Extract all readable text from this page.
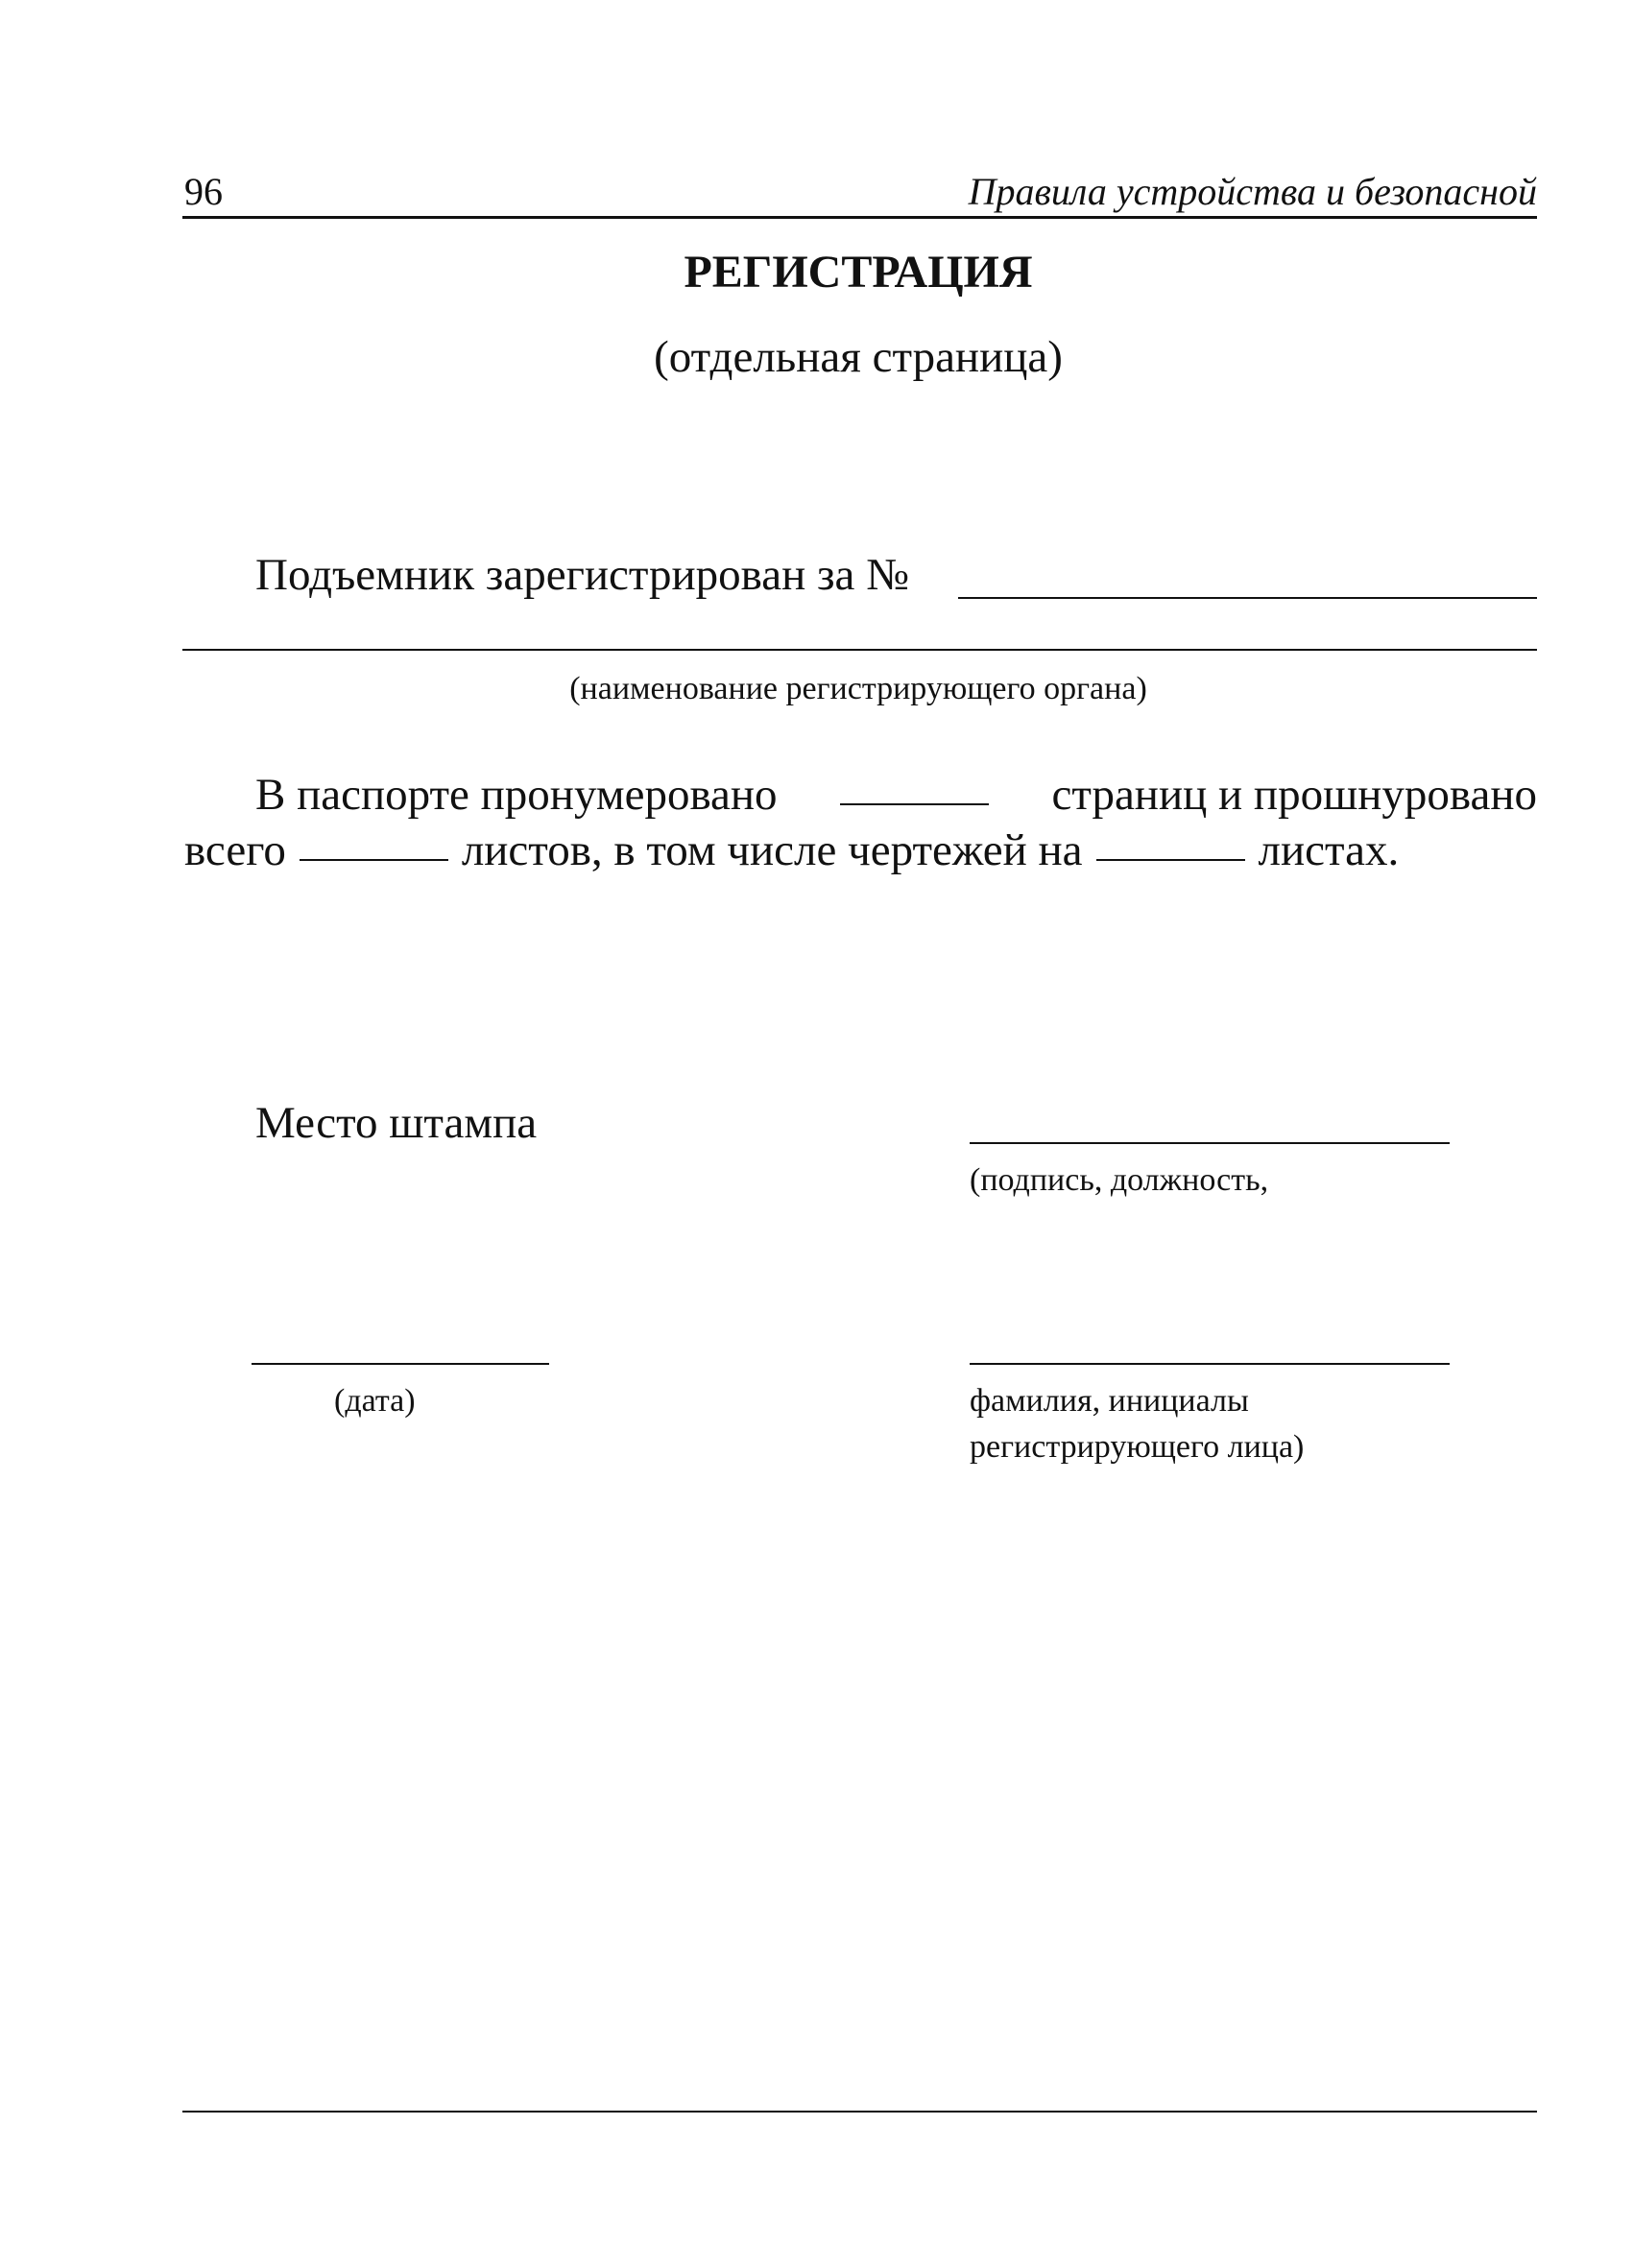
96	Правила устройства и безопасной
РЕГИСТРАЦИЯ
(отдельная страница)
Подъемник зарегистрирован за №
(наименование регистрирующего органа)
В паспорте пронумеровано	страниц и прошнуровано
всего	листов, в том числе чертежей на	листах.
Место штампа
(подпись, должность,
(дата)	фамилия, инициалы
регистрирующего лица)
